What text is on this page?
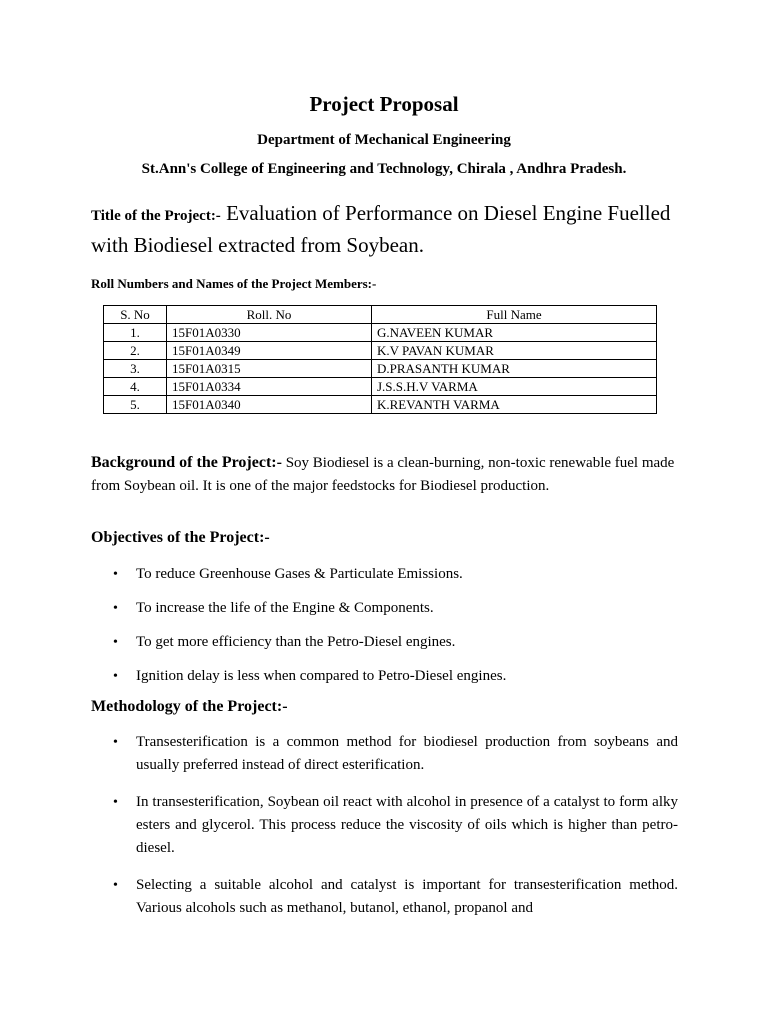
Project Proposal
Department of Mechanical Engineering
St.Ann's College of Engineering and Technology, Chirala , Andhra Pradesh.
Title of the Project:- Evaluation of Performance on Diesel Engine Fuelled with Biodiesel extracted from Soybean.
Roll Numbers and Names of the Project Members:-
S. No	Roll. No	Full Name
1.	15F01A0330	G.NAVEEN KUMAR
2.	15F01A0349	K.V PAVAN KUMAR
3.	15F01A0315	D.PRASANTH KUMAR
4.	15F01A0334	J.S.S.H.V VARMA
5.	15F01A0340	K.REVANTH VARMA
Background of the Project:- Soy Biodiesel is a clean-burning, non-toxic renewable fuel made from Soybean oil. It is one of the major feedstocks for Biodiesel production.
Objectives of the Project:-
• To reduce Greenhouse Gases & Particulate Emissions.
• To increase the life of the Engine & Components.
• To get more efficiency than the Petro-Diesel engines.
• Ignition delay is less when compared to Petro-Diesel engines.
Methodology of the Project:-
• Transesterification is a common method for biodiesel production from soybeans and usually preferred instead of direct esterification.
• In transesterification, Soybean oil react with alcohol in presence of a catalyst to form alky esters and glycerol. This process reduce the viscosity of oils which is higher than petro-diesel.
• Selecting a suitable alcohol and catalyst is important for transesterification method. Various alcohols such as methanol, butanol, ethanol, propanol and
